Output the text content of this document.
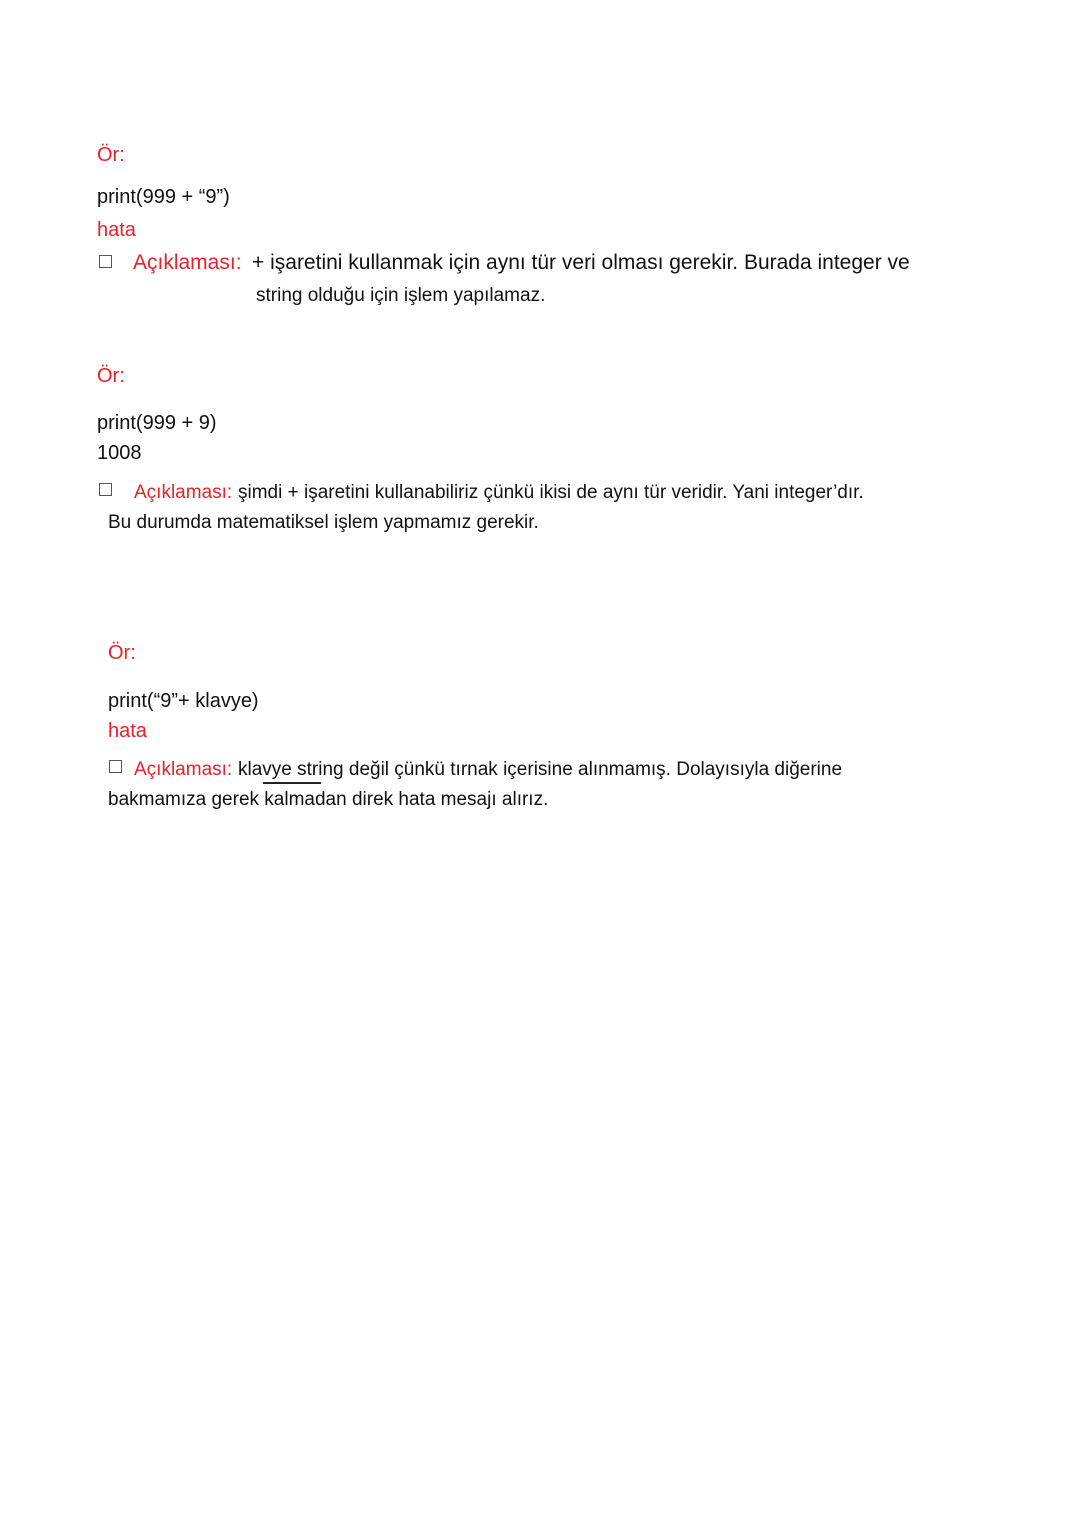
Ör:
print(999 + “9”)
hata
Açıklaması: + işaretini kullanmak için aynı tür veri olması gerekir. Burada integer ve
string olduğu için işlem yapılamaz.
Ör:
print(999 + 9)
1008
Açıklaması: şimdi + işaretini kullanabiliriz çünkü ikisi de aynı tür veridir. Yani integer’dır.
Bu durumda matematiksel işlem yapmamız gerekir.
Ör:
print(“9”+ klavye)
hata
Açıklaması: klavye string değil çünkü tırnak içerisine alınmamış. Dolayısıyla diğerine
bakmamıza gerek kalmadan direk hata mesajı alırız.
